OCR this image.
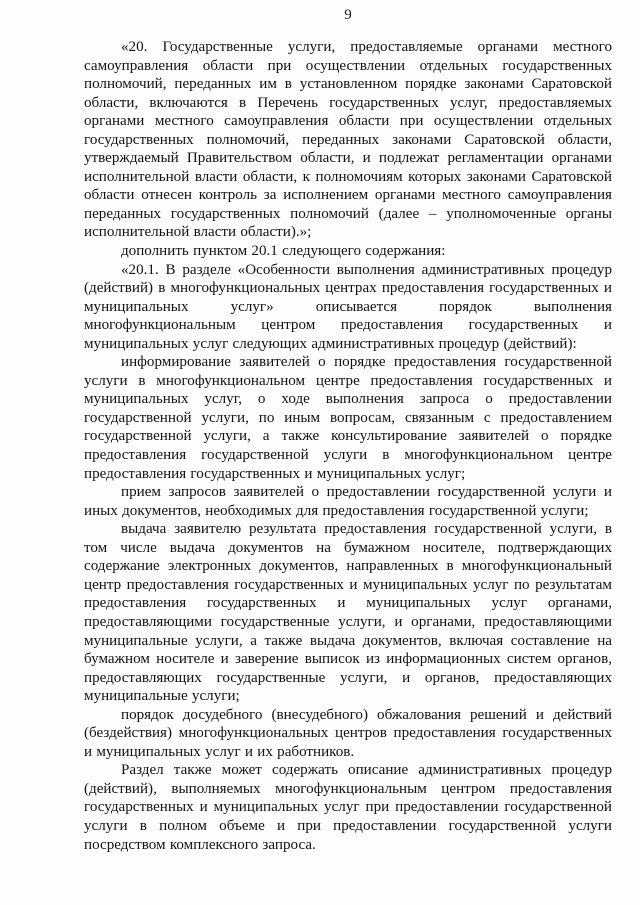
9

«20. Государственные услуги, предоставляемые органами местного самоуправления области при осуществлении отдельных государственных полномочий, переданных им в установленном порядке законами Саратовской области, включаются в Перечень государственных услуг, предоставляемых органами местного самоуправления области при осуществлении отдельных государственных полномочий, переданных законами Саратовской области, утверждаемый Правительством области, и подлежат регламентации органами исполнительной власти области, к полномочиям которых законами Саратовской области отнесен контроль за исполнением органами местного самоуправления переданных государственных полномочий (далее – уполномоченные органы исполнительной власти области).»;

дополнить пунктом 20.1 следующего содержания:

«20.1. В разделе «Особенности выполнения административных процедур (действий) в многофункциональных центрах предоставления государственных и муниципальных услуг» описывается порядок выполнения многофункциональным центром предоставления государственных и муниципальных услуг следующих административных процедур (действий):

информирование заявителей о порядке предоставления государственной услуги в многофункциональном центре предоставления государственных и муниципальных услуг, о ходе выполнения запроса о предоставлении государственной услуги, по иным вопросам, связанным с предоставлением государственной услуги, а также консультирование заявителей о порядке предоставления государственной услуги в многофункциональном центре предоставления государственных и муниципальных услуг;

прием запросов заявителей о предоставлении государственной услуги и иных документов, необходимых для предоставления государственной услуги;

выдача заявителю результата предоставления государственной услуги, в том числе выдача документов на бумажном носителе, подтверждающих содержание электронных документов, направленных в многофункциональный центр предоставления государственных и муниципальных услуг по результатам предоставления государственных и муниципальных услуг органами, предоставляющими государственные услуги, и органами, предоставляющими муниципальные услуги, а также выдача документов, включая составление на бумажном носителе и заверение выписок из информационных систем органов, предоставляющих государственные услуги, и органов, предоставляющих муниципальные услуги;

порядок досудебного (внесудебного) обжалования решений и действий (бездействия) многофункциональных центров предоставления государственных и муниципальных услуг и их работников.

Раздел также может содержать описание административных процедур (действий), выполняемых многофункциональным центром предоставления государственных и муниципальных услуг при предоставлении государственной услуги в полном объеме и при предоставлении государственной услуги посредством комплексного запроса.
